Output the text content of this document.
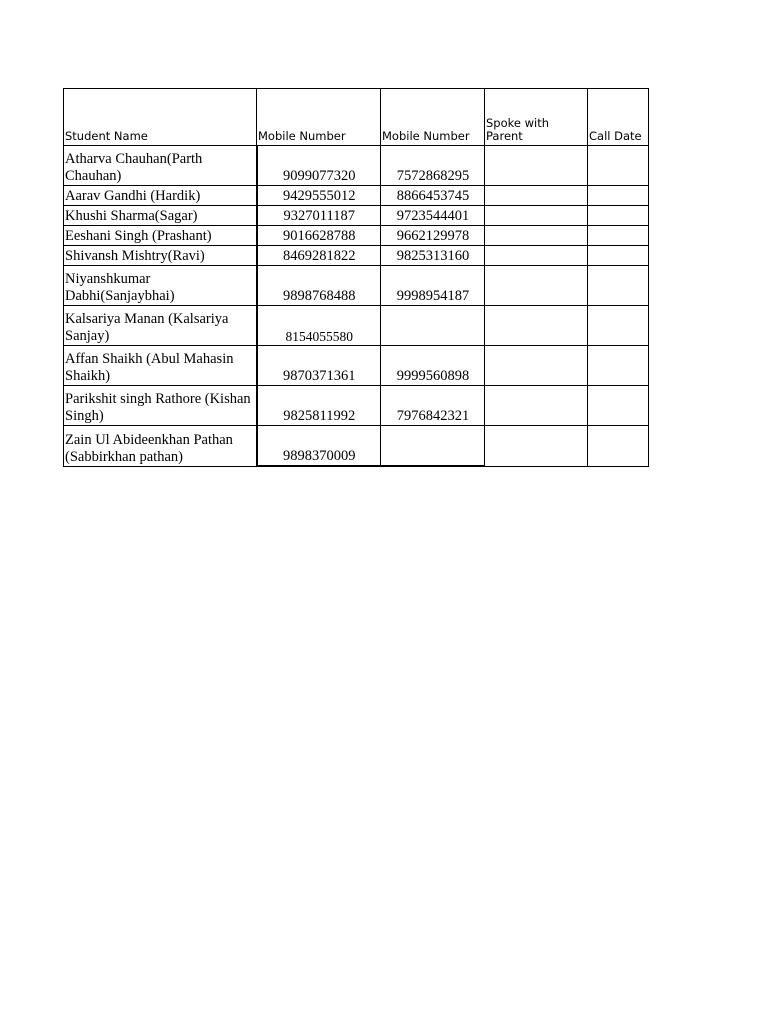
Student Name	Mobile Number	Mobile Number	Spoke with Parent	Call Date
Atharva Chauhan(Parth Chauhan)	9099077320	7572868295		
Aarav Gandhi (Hardik)	9429555012	8866453745		
Khushi Sharma(Sagar)	9327011187	9723544401		
Eeshani Singh (Prashant)	9016628788	9662129978		
Shivansh Mishtry(Ravi)	8469281822	9825313160		
Niyanshkumar Dabhi(Sanjaybhai)	9898768488	9998954187		
Kalsariya Manan (Kalsariya Sanjay)	8154055580			
Affan Shaikh (Abul Mahasin Shaikh)	9870371361	9999560898		
Parikshit singh Rathore (Kishan Singh)	9825811992	7976842321		
Zain Ul Abideenkhan Pathan (Sabbirkhan pathan)	9898370009			
